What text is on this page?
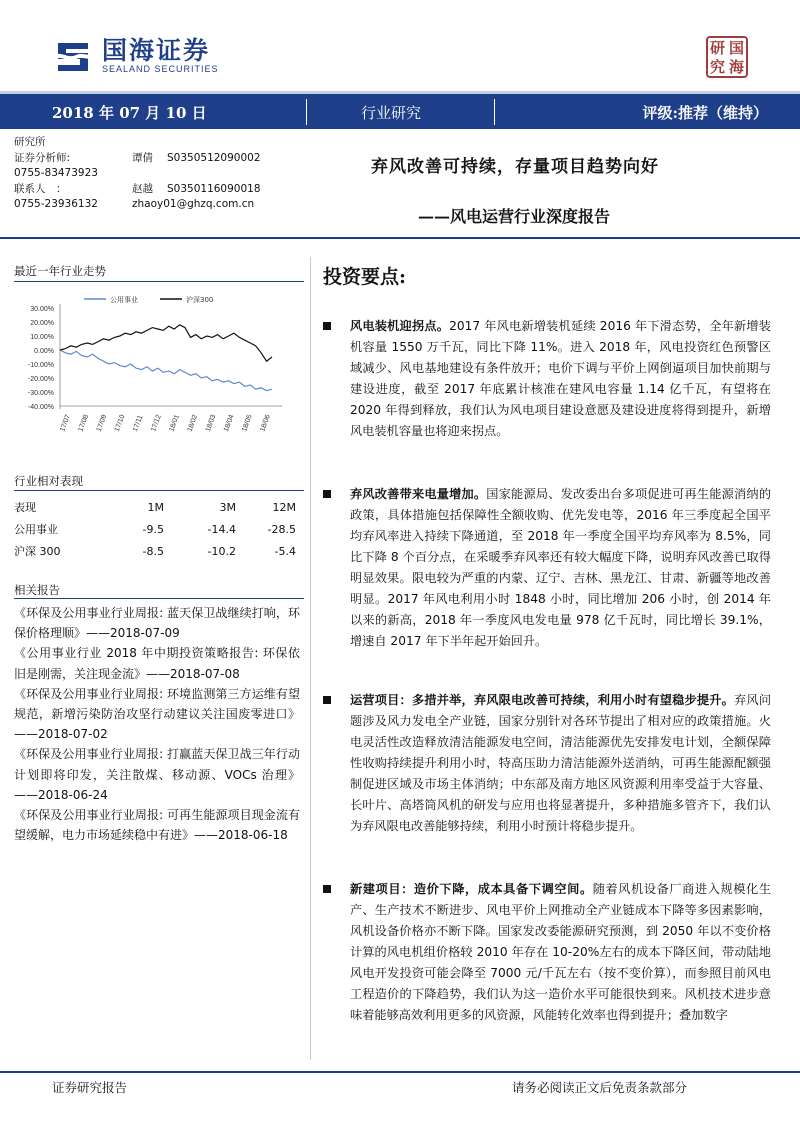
国海证券
SEALAND SECURITIES
研 国
究 海
2018 年 07 月 10 日	行业研究	评级:推荐（维持）
研究所
证券分析师:	谭倩 S0350512090002
0755-83473923
联系人　：	赵越 S0350116090018
0755-23936132	zhaoy01@ghzq.com.cn
弃风改善可持续，存量项目趋势向好
——风电运营行业深度报告
最近一年行业走势
30.00%
20.00%
10.00%
0.00%
-10.00%
-20.00%
-30.00%
-40.00%
17/07 17/08 17/09 17/10 17/11 17/12 18/01 18/02 18/03 18/04 18/05 18/06
公用事业	沪深300
行业相对表现
表现	1M	3M	12M
公用事业	-9.5	-14.4	-28.5
沪深 300	-8.5	-10.2	-5.4
相关报告
《环保及公用事业行业周报: 蓝天保卫战继续打响，环保价格理顺》——2018-07-09
《公用事业行业 2018 年中期投资策略报告: 环保依旧是刚需，关注现金流》——2018-07-08
《环保及公用事业行业周报: 环境监测第三方运维有望规范，新增污染防治攻坚行动建议关注国废零进口》——2018-07-02
《环保及公用事业行业周报: 打赢蓝天保卫战三年行动计划即将印发，关注散煤、移动源、VOCs 治理》——2018-06-24
《环保及公用事业行业周报: 可再生能源项目现金流有望缓解，电力市场延续稳中有进》——2018-06-18
投资要点:
风电装机迎拐点。2017 年风电新增装机延续 2016 年下滑态势，全年新增装机容量 1550 万千瓦，同比下降 11%。进入 2018 年，风电投资红色预警区域减少、风电基地建设有条件放开；电价下调与平价上网倒逼项目加快前期与建设进度，截至 2017 年底累计核准在建风电容量 1.14 亿千瓦，有望将在 2020 年得到释放，我们认为风电项目建设意愿及建设进度将得到提升，新增风电装机容量也将迎来拐点。
弃风改善带来电量增加。国家能源局、发改委出台多项促进可再生能源消纳的政策，具体措施包括保障性全额收购、优先发电等，2016 年三季度起全国平均弃风率进入持续下降通道，至 2018 年一季度全国平均弃风率为 8.5%，同比下降 8 个百分点，在采暖季弃风率还有较大幅度下降，说明弃风改善已取得明显效果。限电较为严重的内蒙、辽宁、吉林、黑龙江、甘肃、新疆等地改善明显。2017 年风电利用小时 1848 小时，同比增加 206 小时，创 2014 年以来的新高，2018 年一季度风电发电量 978 亿千瓦时，同比增长 39.1%，增速自 2017 年下半年起开始回升。
运营项目：多措并举，弃风限电改善可持续，利用小时有望稳步提升。弃风问题涉及风力发电全产业链，国家分别针对各环节提出了相对应的政策措施。火电灵活性改造释放清洁能源发电空间，清洁能源优先安排发电计划，全额保障性收购持续提升利用小时，特高压助力清洁能源外送消纳，可再生能源配额强制促进区域及市场主体消纳；中东部及南方地区风资源利用率受益于大容量、长叶片、高塔筒风机的研发与应用也将显著提升，多种措施多管齐下，我们认为弃风限电改善能够持续，利用小时预计将稳步提升。
新建项目：造价下降，成本具备下调空间。随着风机设备厂商进入规模化生产、生产技术不断进步、风电平价上网推动全产业链成本下降等多因素影响，风机设备价格亦不断下降。国家发改委能源研究预测，到 2050 年以不变价格计算的风电机组价格较 2010 年存在 10-20%左右的成本下降区间，带动陆地风电开发投资可能会降至 7000 元/千瓦左右（按不变价算），而参照目前风电工程造价的下降趋势，我们认为这一造价水平可能很快到来。风机技术进步意味着能够高效利用更多的风资源，风能转化效率也得到提升；叠加数字
证券研究报告	请务必阅读正文后免责条款部分
